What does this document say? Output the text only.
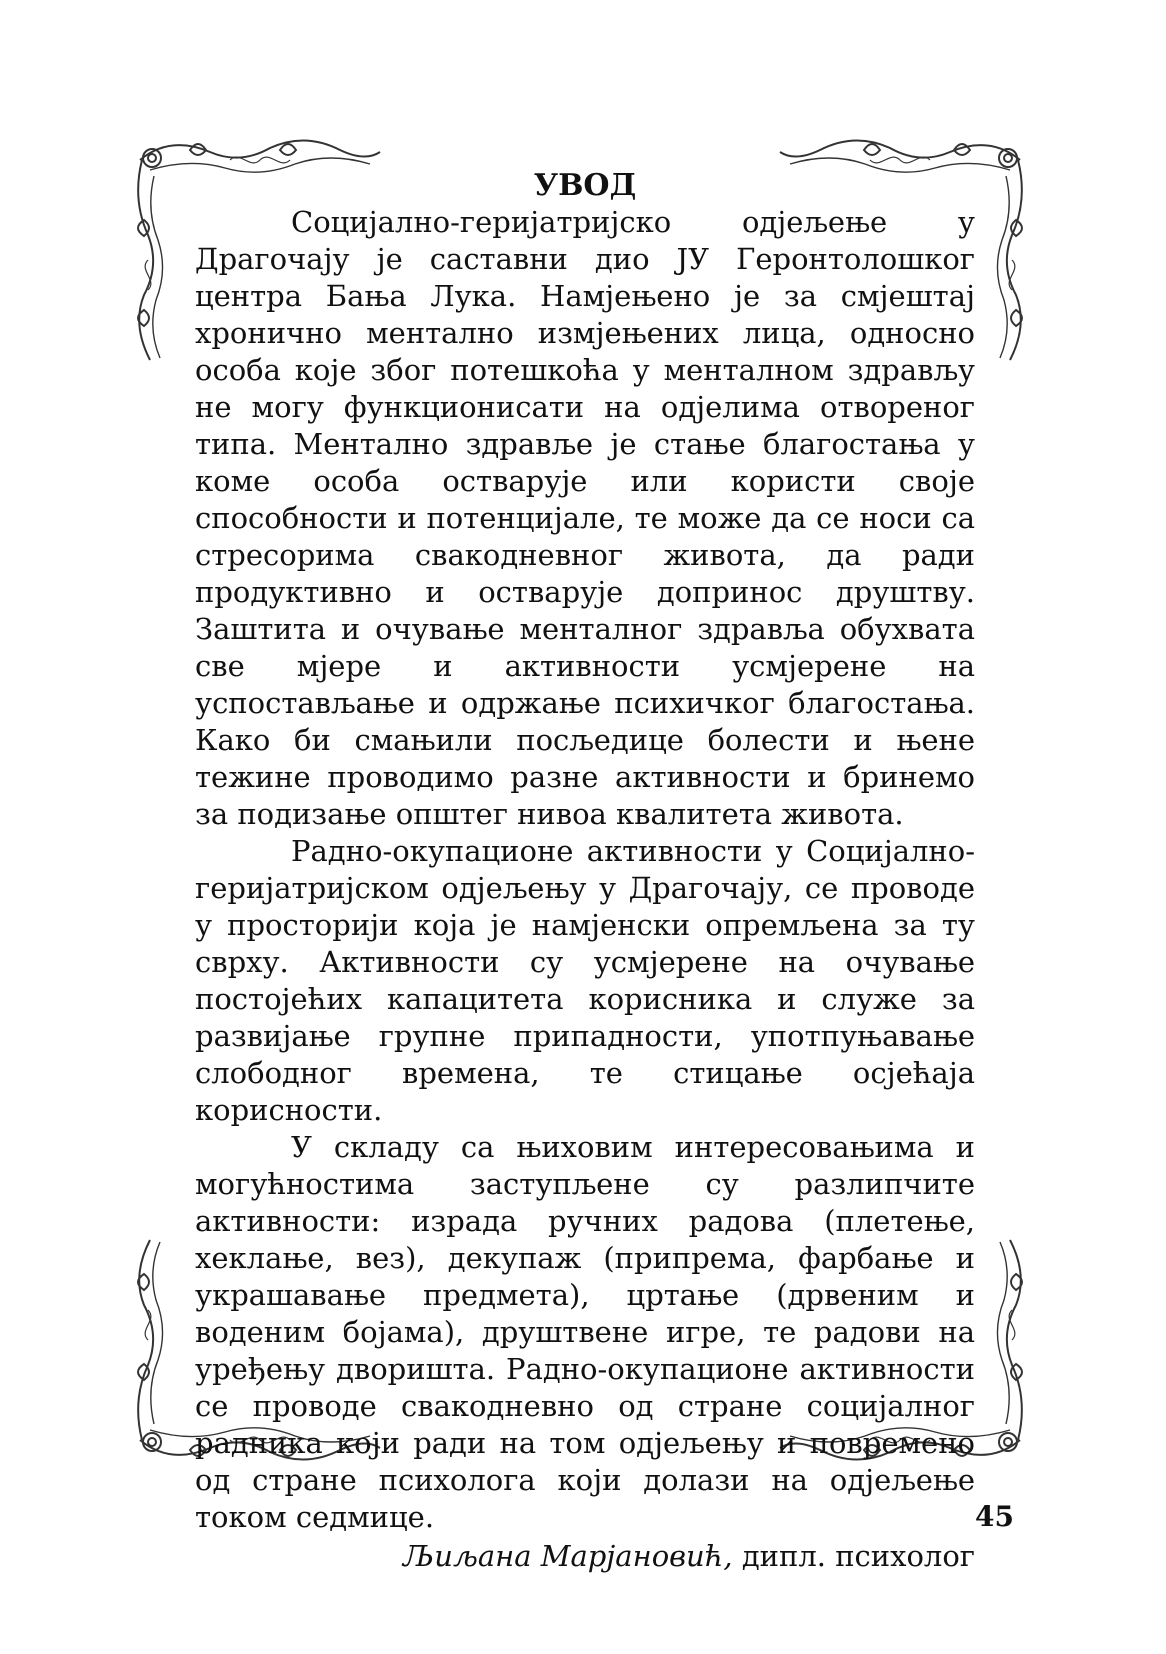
УВОД

Социјално-геријатријско одјељење у Драгочају је саставни дио ЈУ Геронтолошког центра Бања Лука. Намјењено је за смјештај хронично ментално измјењених лица, односно особа које због потешкоћа у менталном здрављу не могу функционисати на одјелима отвореног типа. Ментално здравље је стање благостања у коме особа остварује или користи своје способности и потенцијале, те може да се носи са стресорима свакодневног живота, да ради продуктивно и остварује допринос друштву. Заштита и очување менталног здравља обухвата све мјере и активности усмјерене на успостављање и одржање психичког благостања. Како би смањили посљедице болести и њене тежине проводимо разне активности и бринемо за подизање општег нивоа квалитета живота.

Радно-окупационе активности у Социјално-геријатријском одјељењу у Драгочају, се проводе у просторији која је намјенски опремљена за ту сврху. Активности су усмјерене на очување постојећих капацитета корисника и служе за развијање групне припадности, употпуњавање слободног времена, те стицање осјећаја корисности.

У складу са њиховим интересовањима и могућностима заступљене су разлипчите активности: израда ручних радова (плетење, хеклање, вез), декупаж (припрема, фарбање и украшавање предмета), цртање (дрвеним и воденим бојама), друштвене игре, те радови на уређењу дворишта. Радно-окупационе активности се проводе свакодневно од стране социјалног радника који ради на том одјељењу и повремено од стране психолога који долази на одјељење током седмице.

Љиљана Марјановић, дипл. психолог

45
